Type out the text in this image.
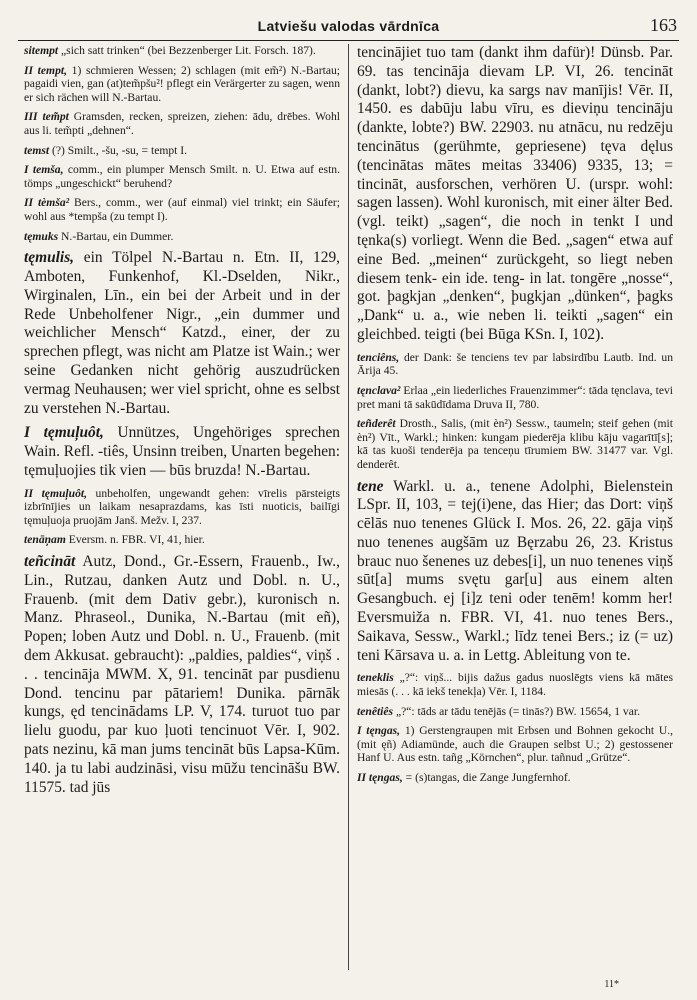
Latviešu valodas vārdnīca	163

sitempt „sich satt trinken“ (bei Bezzenberger Lit. Forsch. 187).

II tempt, 1) schmieren Wessen; 2) schlagen (mit em̃²) N.-Bartau; pagaidi vien, gan (at)tem̃pšu²! pflegt ein Verärgerter zu sagen, wenn er sich rächen will N.-Bartau.

III tem̃pt Gramsden, recken, spreizen, ziehen: ādu, drēbes. Wohl aus li. tem̃pti „dehnen“.

temst (?) Smilt., -šu, -su, = tempt I.

I temša, comm., ein plumper Mensch Smilt. n. U. Etwa auf estn. tömps „ungeschickt“ beruhend?

II tèmša² Bers., comm., wer (auf einmal) viel trinkt; ein Säufer; wohl aus *tempša (zu tempt I).

tęmuks N.-Bartau, ein Dummer.

tęmulis, ein Tölpel N.-Bartau n. Etn. II, 129, Amboten, Funkenhof, Kl.-Dselden, Nikr., Wirginalen, Līn., ein bei der Arbeit und in der Rede Unbeholfener Nigr., „ein dummer und weichlicher Mensch“ Katzd., einer, der zu sprechen pflegt, was nicht am Platze ist Wain.; wer seine Gedanken nicht gehörig auszudrücken vermag Neuhausen; wer viel spricht, ohne es selbst zu verstehen N.-Bartau.

I tęmuļuôt, Unnützes, Ungehöriges sprechen Wain. Refl. -tiês, Unsinn treiben, Unarten begehen: tęmuļuojies tik vien — būs bruzda! N.-Bartau.

II tęmuļuôt, unbeholfen, ungewandt gehen: vīrelis pārsteigts izbrīnījies un laikam nesaprazdams, kas īsti nuoticis, bailīgi tęmuļuoja pruojām Janš. Mežv. I, 237.

tenāņam Eversm. n. FBR. VI, 41, hier.

teñcināt Autz, Dond., Gr.-Essern, Frauenb., Iw., Lin., Rutzau, danken Autz und Dobl. n. U., Frauenb. (mit dem Dativ gebr.), kuronisch n. Manz. Phraseol., Dunika, N.-Bartau (mit eñ), Popen; loben Autz und Dobl. n. U., Frauenb. (mit dem Akkusat. gebraucht): „paldies, paldies“, viņš . . . tencināja MWM. X, 91. tencināt par pusdienu Dond. tencinu par pātariem! Dunika. pārnāk kungs, ęd tencinādams LP. V, 174. turuot tuo par lielu guodu, par kuo ļuoti tencinuot Vēr. I, 902. pats nezinu, kā man jums tencināt būs Lapsa-Kūm. 140. ja tu labi audzināsi, visu mūžu tencināšu BW. 11575. tad jūs

tencinājiet tuo tam (dankt ihm dafür)! Dünsb. Par. 69. tas tencināja dievam LP. VI, 26. tencināt (dankt, lobt?) dievu, ka sargs nav manījis! Vēr. II, 1450. es dabūju labu vīru, es dieviņu tencināju (dankte, lobte?) BW. 22903. nu atnācu, nu redzēju tencinātus (gerühmte, gepriesene) tęva dęlus (tencinātas mātes meitas 33406) 9335, 13; = tincināt, ausforschen, verhören U. (urspr. wohl: sagen lassen). Wohl kuronisch, mit einer älter Bed. (vgl. teikt) „sagen“, die noch in tenkt I und tęnka(s) vorliegt. Wenn die Bed. „sagen“ etwa auf eine Bed. „meinen“ zurückgeht, so liegt neben diesem tenk- ein ide. teng- in lat. tongēre „nosse“, got. þagkjan „denken“, þugkjan „dünken“, þagks „Dank“ u. a., wie neben li. teikti „sagen“ ein gleichbed. teigti (bei Būga KSn. I, 102).

tenciêns, der Dank: še tenciens tev par labsirdību Lautb. Ind. un Ārija 45.

tęnclava² Erlaa „ein liederliches Frauenzimmer“: tāda tęnclava, tevi pret mani tā sakūdīdama Druva II, 780.

teñderêt Drosth., Salis, (mit èn²) Sessw., taumeln; steif gehen (mit èn²) Vīt., Warkl.; hinken: kungam piederēja klibu kāju vagarītī[s]; kā tas kuoši tenderēja pa tenceņu tīrumiem BW. 31477 var. Vgl. denderêt.

tene Warkl. u. a., tenene Adolphi, Bielenstein LSpr. II, 103, = tej(i)ene, das Hier; das Dort: viņš cēlās nuo tenenes Glück I. Mos. 26, 22. gāja viņš nuo tenenes augšām uz Bęrzabu 26, 23. Kristus brauc nuo šenenes uz debes[i], un nuo tenenes viņš sūt[a] mums svętu gar[u] aus einem alten Gesangbuch. ej [i]z teni oder tenēm! komm her! Eversmuiža n. FBR. VI, 41. nuo tenes Bers., Saikava, Sessw., Warkl.; līdz tenei Bers.; iz (= uz) teni Kārsava u. a. in Lettg. Ableitung von te.

teneklis „?“: viņš... bijis dažus gadus nuoslēgts viens kā mātes miesās (. . . kā iekš tenekļa) Vēr. I, 1184.

tenêtiês „?“: tāds ar tādu tenējās (= tinās?) BW. 15654, 1 var.

I tęngas, 1) Gerstengraupen mit Erbsen und Bohnen gekocht U., (mit ęñ) Adiamünde, auch die Graupen selbst U.; 2) gestossener Hanf U. Aus estn. tañg „Körnchen“, plur. tañnud „Grütze“.

II tęngas, = (s)tangas, die Zange Jungfernhof.

11*
